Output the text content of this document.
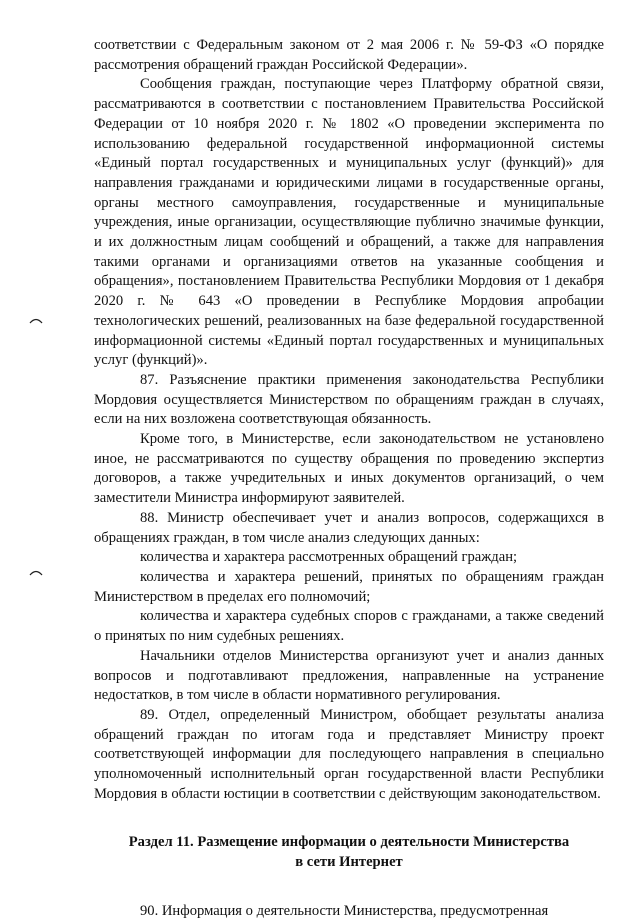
соответствии с Федеральным законом от 2 мая 2006 г. № 59-ФЗ «О порядке рассмотрения обращений граждан Российской Федерации».

Сообщения граждан, поступающие через Платформу обратной связи, рассматриваются в соответствии с постановлением Правительства Российской Федерации от 10 ноября 2020 г. № 1802 «О проведении эксперимента по использованию федеральной государственной информационной системы «Единый портал государственных и муниципальных услуг (функций)» для направления гражданами и юридическими лицами в государственные органы, органы местного самоуправления, государственные и муниципальные учреждения, иные организации, осуществляющие публично значимые функции, и их должностным лицам сообщений и обращений, а также для направления такими органами и организациями ответов на указанные сообщения и обращения», постановлением Правительства Республики Мордовия от 1 декабря 2020 г. № 643 «О проведении в Республике Мордовия апробации технологических решений, реализованных на базе федеральной государственной информационной системы «Единый портал государственных и муниципальных услуг (функций)».

87. Разъяснение практики применения законодательства Республики Мордовия осуществляется Министерством по обращениям граждан в случаях, если на них возложена соответствующая обязанность.

Кроме того, в Министерстве, если законодательством не установлено иное, не рассматриваются по существу обращения по проведению экспертиз договоров, а также учредительных и иных документов организаций, о чем заместители Министра информируют заявителей.

88. Министр обеспечивает учет и анализ вопросов, содержащихся в обращениях граждан, в том числе анализ следующих данных:

количества и характера рассмотренных обращений граждан;

количества и характера решений, принятых по обращениям граждан Министерством в пределах его полномочий;

количества и характера судебных споров с гражданами, а также сведений о принятых по ним судебных решениях.

Начальники отделов Министерства организуют учет и анализ данных вопросов и подготавливают предложения, направленные на устранение недостатков, в том числе в области нормативного регулирования.

89. Отдел, определенный Министром, обобщает результаты анализа обращений граждан по итогам года и представляет Министру проект соответствующей информации для последующего направления в специально уполномоченный исполнительный орган государственной власти Республики Мордовия в области юстиции в соответствии с действующим законодательством.

Раздел 11. Размещение информации о деятельности Министерства
в сети Интернет

90. Информация о деятельности Министерства, предусмотренная
